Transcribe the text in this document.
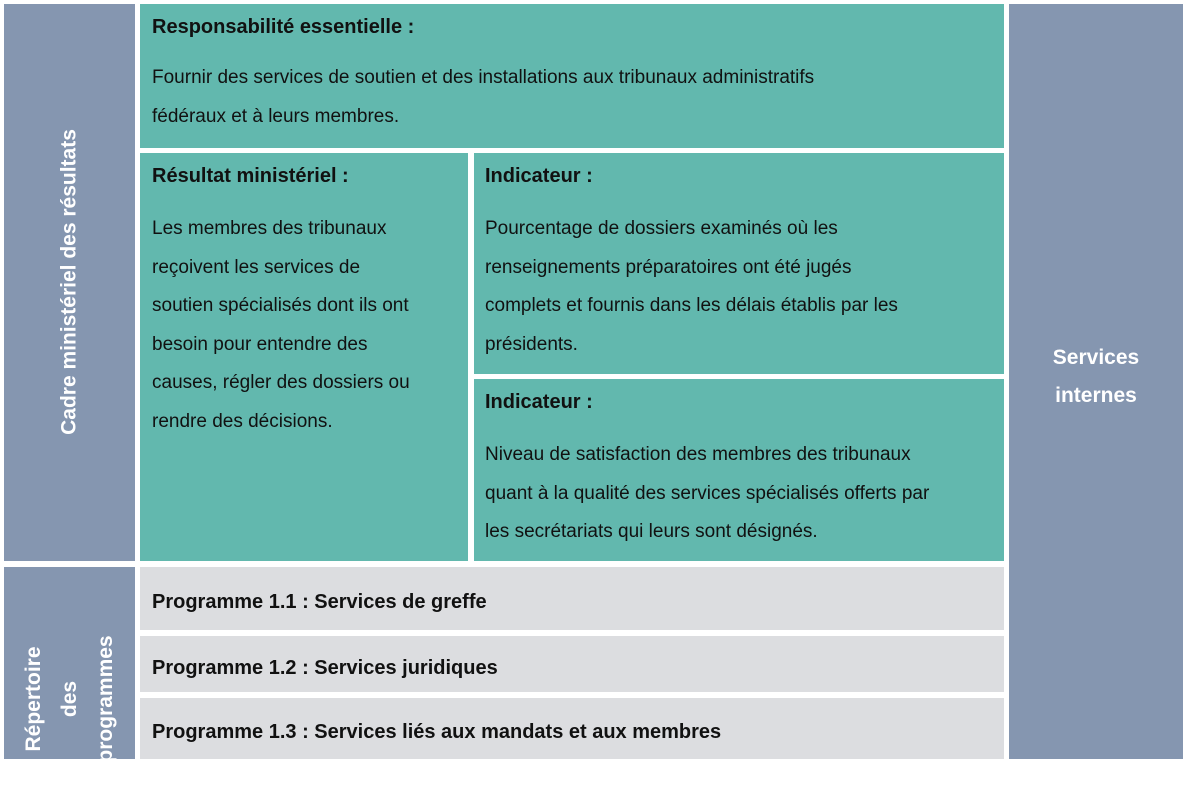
Cadre ministériel des résultats
Répertoire des programmes
Responsabilité essentielle :
Fournir des services de soutien et des installations aux tribunaux administratifs
fédéraux et à leurs membres.
Résultat ministériel :
Les membres des tribunaux
reçoivent les services de
soutien spécialisés dont ils ont
besoin pour entendre des
causes, régler des dossiers ou
rendre des décisions.
Indicateur :
Pourcentage de dossiers examinés où les
renseignements préparatoires ont été jugés
complets et fournis dans les délais établis par les
présidents.
Indicateur :
Niveau de satisfaction des membres des tribunaux
quant à la qualité des services spécialisés offerts par
les secrétariats qui leurs sont désignés.
Programme 1.1 : Services de greffe
Programme 1.2 : Services juridiques
Programme 1.3 : Services liés aux mandats et aux membres
Services
internes
